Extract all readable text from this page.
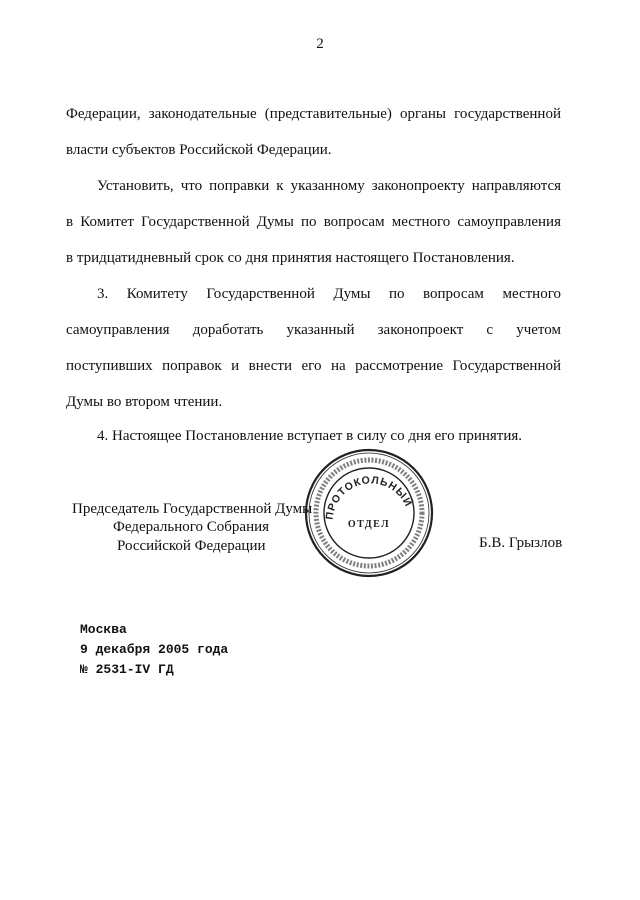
2
Федерации, законодательные (представительные) органы государственной
власти субъектов Российской Федерации.
Установить, что поправки к указанному законопроекту направляются
в Комитет Государственной Думы по вопросам местного самоуправления
в тридцатидневный срок со дня принятия настоящего Постановления.
3. Комитету Государственной Думы по вопросам местного
самоуправления доработать указанный законопроект с учетом
поступивших поправок и внести его на рассмотрение Государственной
Думы во втором чтении.
4. Настоящее Постановление вступает в силу со дня его принятия.
Председатель Государственной Думы
Федерального Собрания
Российской Федерации	Б.В. Грызлов
ПРОТОКОЛЬНЫЙ
ОТДЕЛ
Москва
9 декабря 2005 года
№ 2531-IV ГД
